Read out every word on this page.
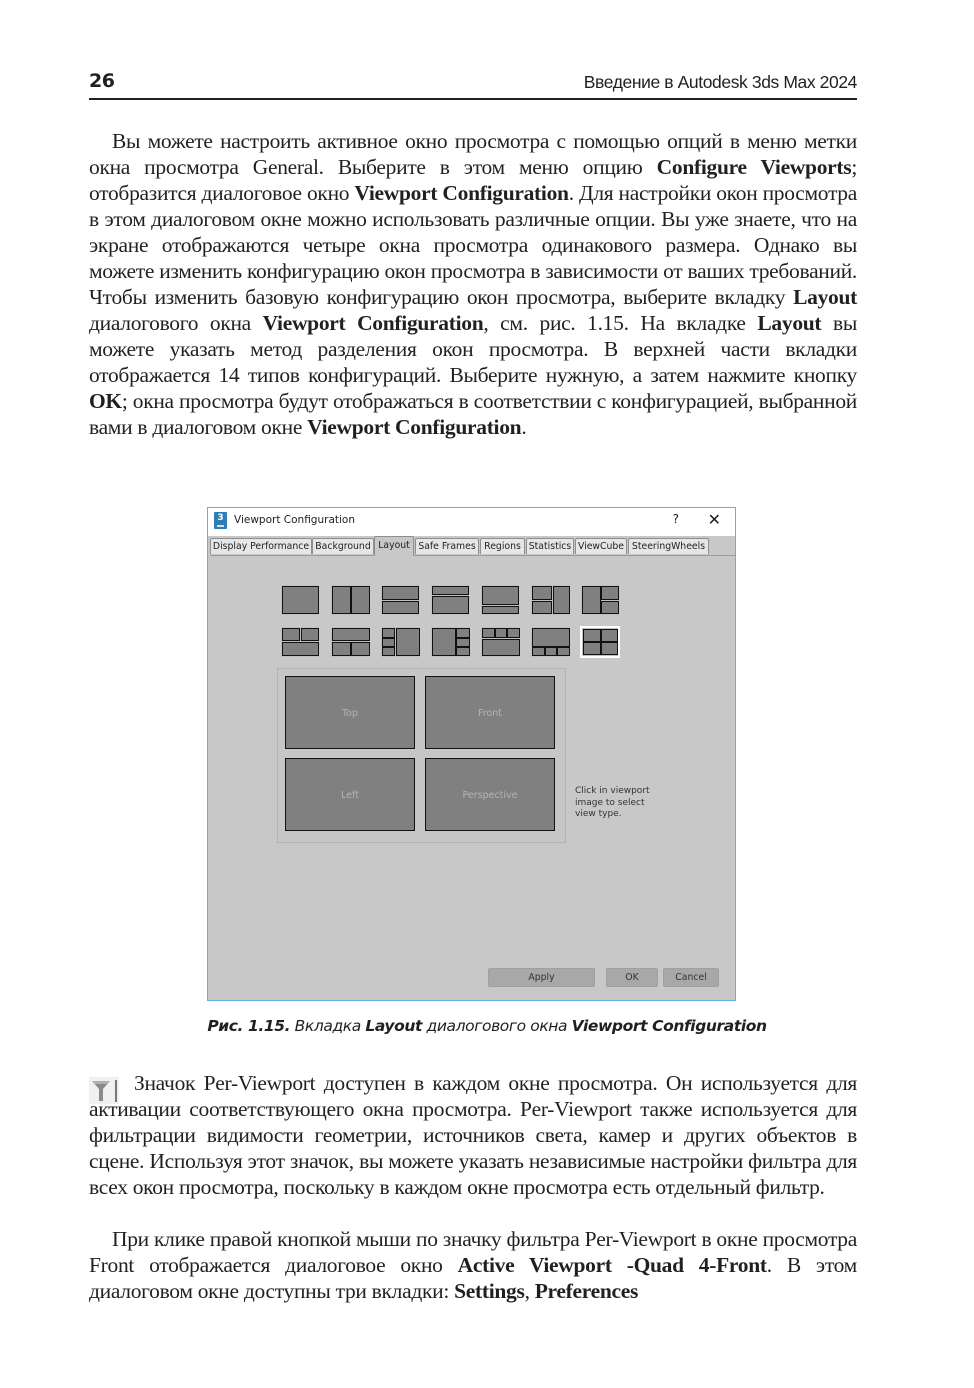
26	Введение в Autodesk 3ds Max 2024

Вы можете настроить активное окно просмотра с помощью опций в меню метки окна просмотра General. Выберите в этом меню опцию Configure Viewports; отобразится диалоговое окно Viewport Configuration. Для настройки окон просмотра в этом диалоговом окне можно использовать различные опции. Вы уже знаете, что на экране отображаются четыре окна просмотра одинакового размера. Однако вы можете изменить конфигурацию окон просмотра в зависимости от ваших требований. Чтобы изменить базовую конфигурацию окон просмотра, выберите вкладку Layout диалогового окна Viewport Configuration, см. рис. 1.15. На вкладке Layout вы можете указать метод разделения окон просмотра. В верхней части вкладки отображается 14 типов конфигураций. Выберите нужную, а затем нажмите кнопку OK; окна просмотра будут отображаться в соответствии с конфигурацией, выбранной вами в диалоговом окне Viewport Configuration.

3 Viewport Configuration	? ✕
Display Performance Background Layout Safe Frames Regions Statistics ViewCube SteeringWheels
Top	Front
Left	Perspective	Click in viewport image to select view type.
Apply	OK	Cancel
Рис. 1.15. Вкладка Layout диалогового окна Viewport Configuration

Значок Per-Viewport доступен в каждом окне просмотра. Он используется для активации соответствующего окна просмотра. Per-Viewport также используется для фильтрации видимости геометрии, источников света, камер и других объектов в сцене. Используя этот значок, вы можете указать независимые настройки фильтра для всех окон просмотра, поскольку в каждом окне просмотра есть отдельный фильтр.

При клике правой кнопкой мыши по значку фильтра Per-Viewport в окне просмотра Front отображается диалоговое окно Active Viewport -Quad 4-Front. В этом диалоговом окне доступны три вкладки: Settings, Preferences
